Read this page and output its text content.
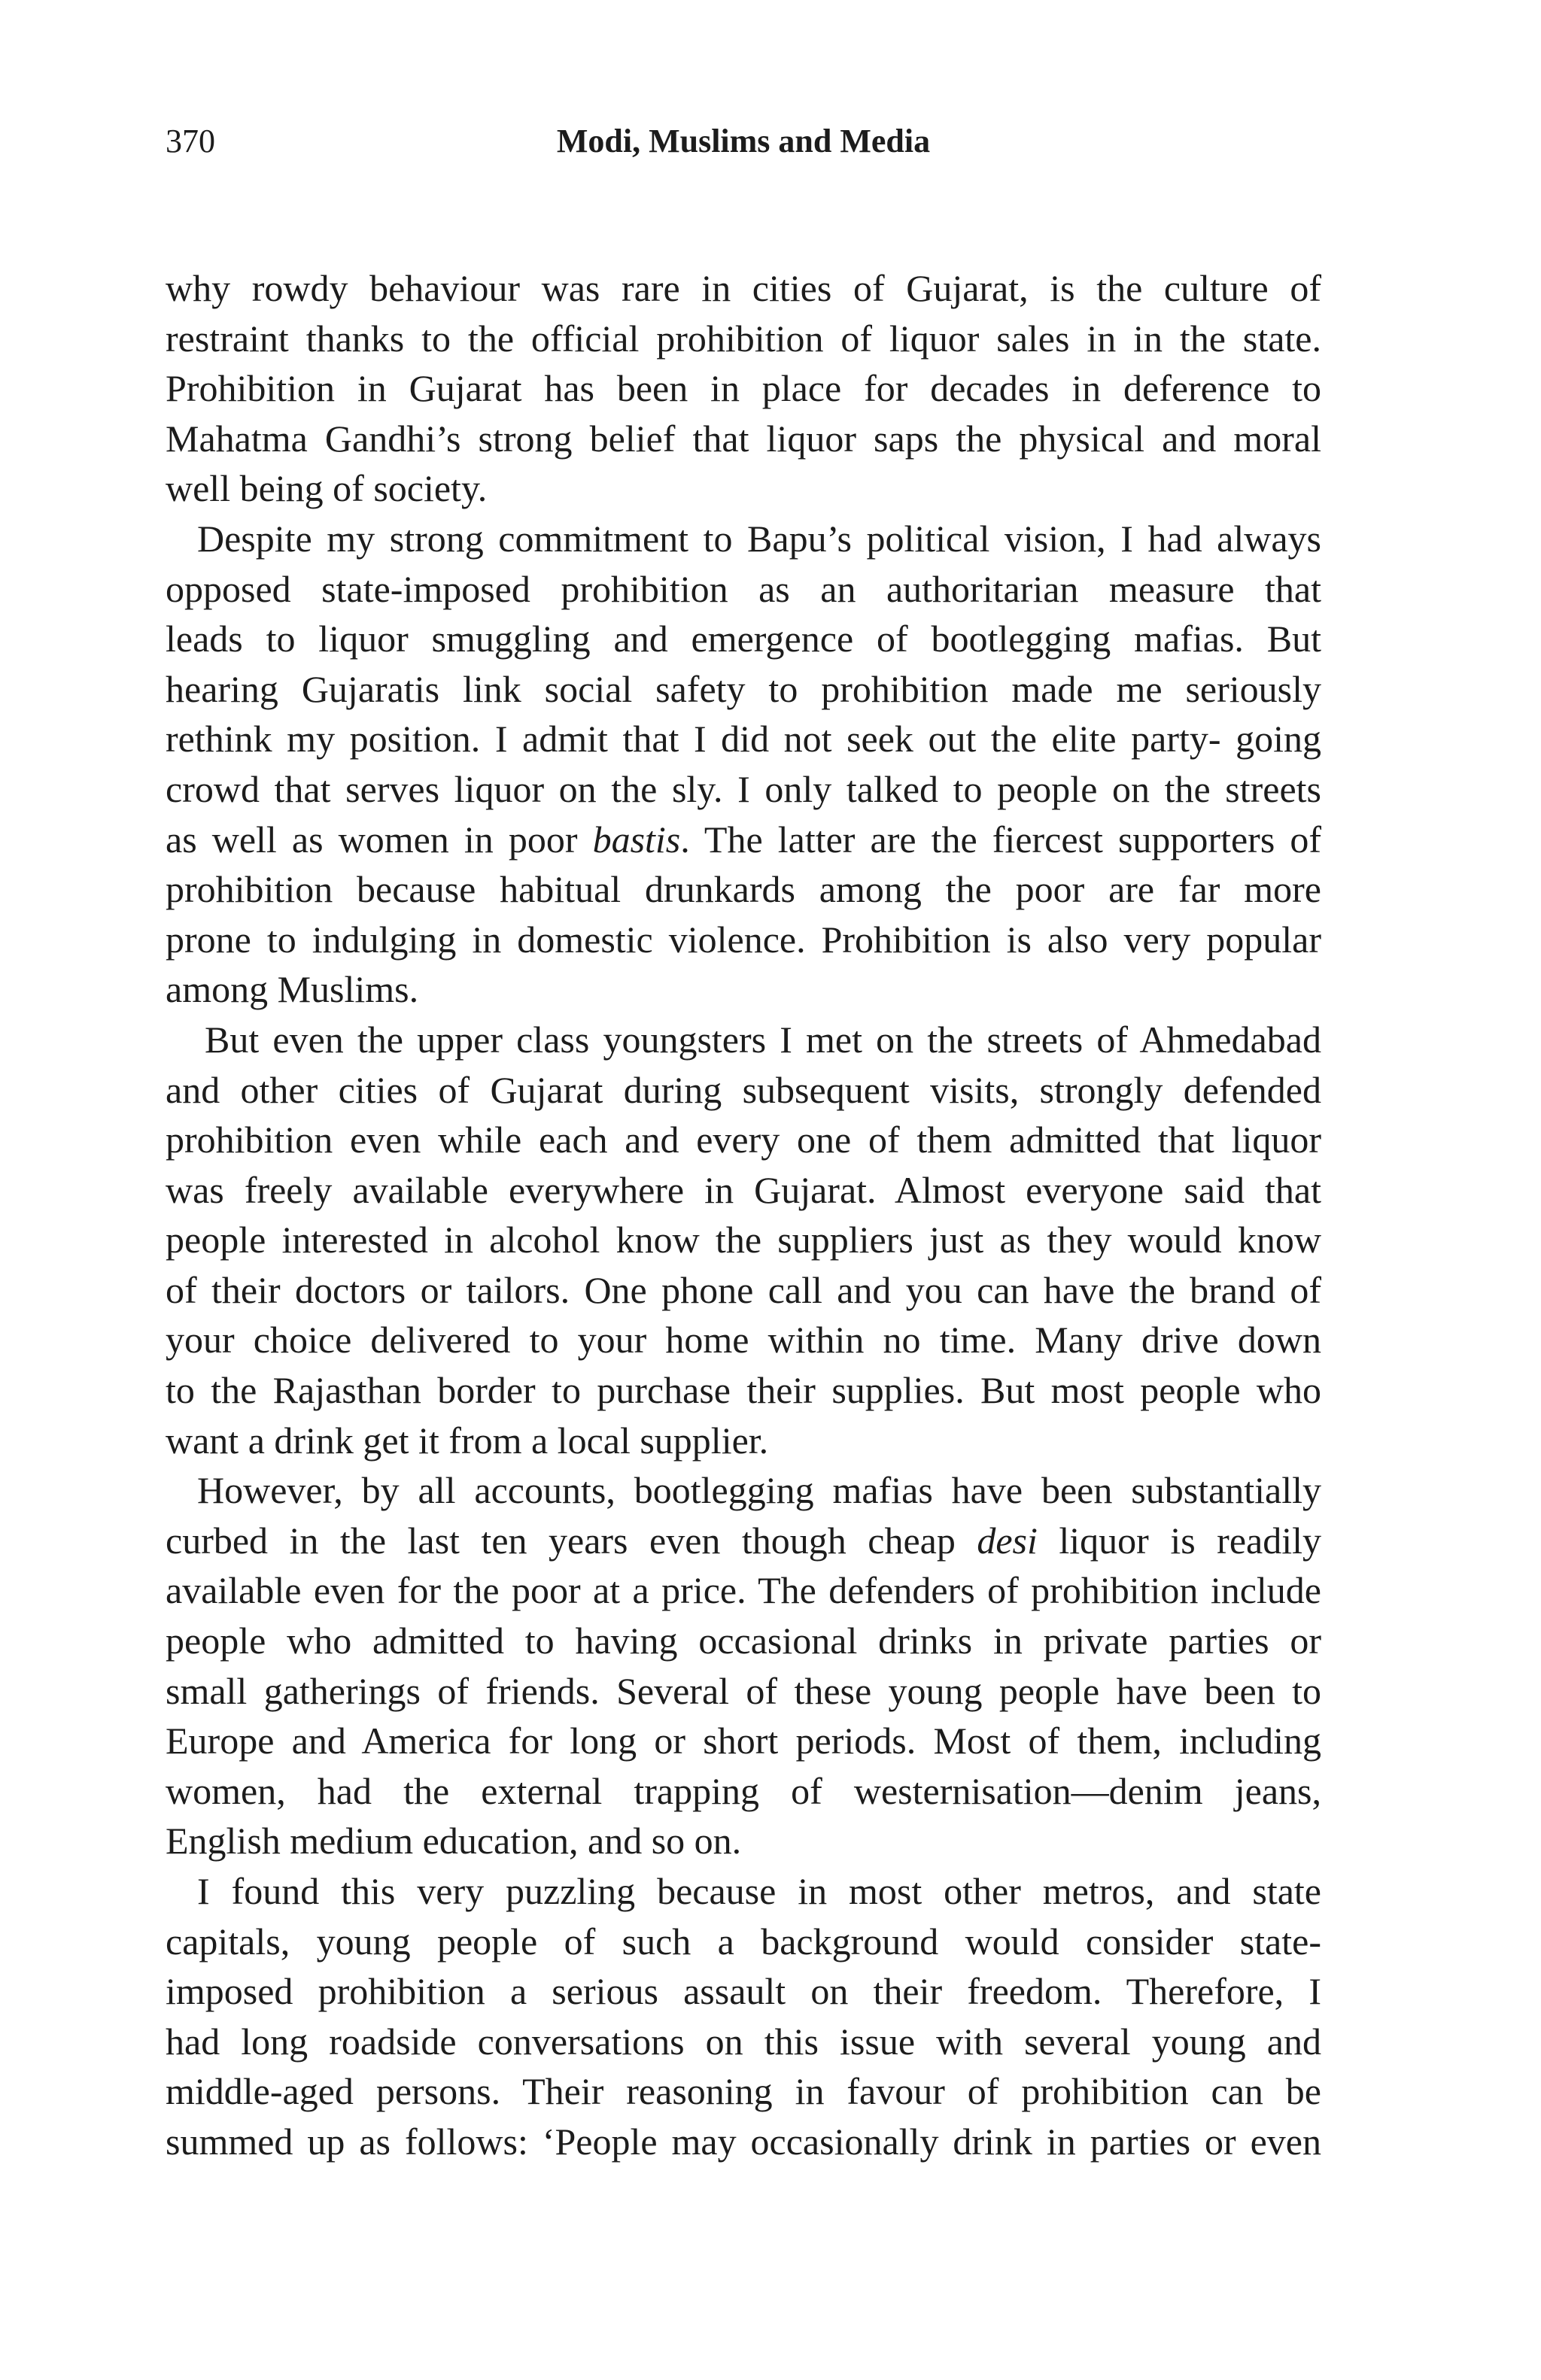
370	Modi, Muslims and Media

why rowdy behaviour was rare in cities of Gujarat, is the culture of
restraint thanks to the official prohibition of liquor sales in in the state.
Prohibition in Gujarat has been in place for decades in deference to
Mahatma Gandhi’s strong belief that liquor saps the physical and moral
well being of society.

Despite my strong commitment to Bapu’s political vision, I had always
opposed state-imposed prohibition as an authoritarian measure that
leads to liquor smuggling and emergence of bootlegging mafias. But
hearing Gujaratis link social safety to prohibition made me seriously
rethink my position. I admit that I did not seek out the elite party- going
crowd that serves liquor on the sly. I only talked to people on the streets
as well as women in poor bastis. The latter are the fiercest supporters of
prohibition because habitual drunkards among the poor are far more
prone to indulging in domestic violence. Prohibition is also very popular
among Muslims.

But even the upper class youngsters I met on the streets of Ahmedabad
and other cities of Gujarat during subsequent visits, strongly defended
prohibition even while each and every one of them admitted that liquor
was freely available everywhere in Gujarat. Almost everyone said that
people interested in alcohol know the suppliers just as they would know
of their doctors or tailors. One phone call and you can have the brand of
your choice delivered to your home within no time. Many drive down
to the Rajasthan border to purchase their supplies. But most people who
want a drink get it from a local supplier.

However, by all accounts, bootlegging mafias have been substantially
curbed in the last ten years even though cheap desi liquor is readily
available even for the poor at a price. The defenders of prohibition include
people who admitted to having occasional drinks in private parties or
small gatherings of friends. Several of these young people have been to
Europe and America for long or short periods. Most of them, including
women, had the external trapping of westernisation—denim jeans,
English medium education, and so on.

I found this very puzzling because in most other metros, and state
capitals, young people of such a background would consider state-
imposed prohibition a serious assault on their freedom. Therefore, I
had long roadside conversations on this issue with several young and
middle-aged persons. Their reasoning in favour of prohibition can be
summed up as follows: ‘People may occasionally drink in parties or even
